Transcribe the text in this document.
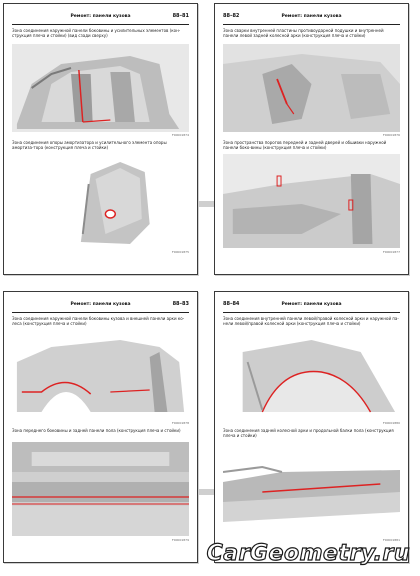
Ремонт: панели кузова	88–81
Зона соединения наружной панели боковины и усилительных элементов (кон-струкция плеча и стойки) (вид сзади сверху)
F00001874
Зона соединения опоры амортизатора и усилительного элемента опоры амортиза-тора (конструкция плеча и стойки)
F00001875
88–82	Ремонт: панели кузова
Зона сварки внутренней пластины противоударной подушки и внутренней панели левой задней колесной арки (конструкция плеча и стойки)
F00001876
Зона пространства порогов передней и задней дверей и обшивки наружной панели боко-вины (конструкция плеча и стойки)
F00001877
Ремонт: панели кузова	88–83
Зона соединения наружной панели боковины кузова и внешней панели арки ко-леса (конструкция плеча и стойки)
F00001878
Зона переднего боковины и задней панели пола (конструкция плеча и стойки)
F00001879
88–84	Ремонт: панели кузова
Зона соединения внутренней панели левой/правой колесной арки и наружной па-нели левой/правой колесной арки (конструкция плеча и стойки)
F00001880
Зона соединения задней колесной арки и продольной балки пола (конструкция плеча и стойки)
F00001881
CarGeometry.ru
